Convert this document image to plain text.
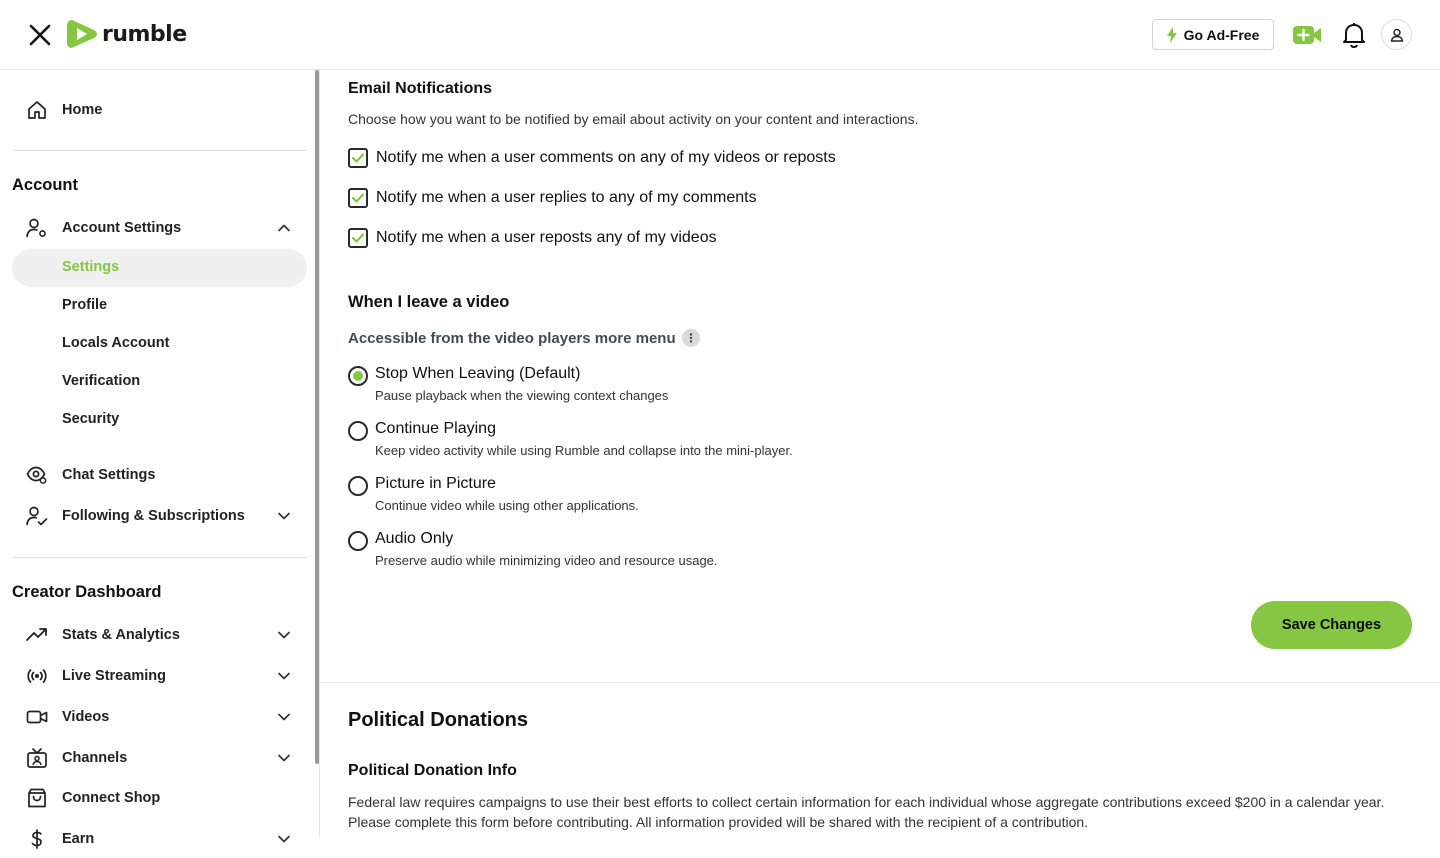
rumble	Go Ad-Free
Home
Account
Account Settings
Settings
Profile
Locals Account
Verification
Security
Chat Settings
Following & Subscriptions
Creator Dashboard
Stats & Analytics
Live Streaming
Videos
Channels
Connect Shop
Earn
Email Notifications
Choose how you want to be notified by email about activity on your content and interactions.
Notify me when a user comments on any of my videos or reposts
Notify me when a user replies to any of my comments
Notify me when a user reposts any of my videos
When I leave a video
Accessible from the video players more menu
Stop When Leaving (Default)
Pause playback when the viewing context changes
Continue Playing
Keep video activity while using Rumble and collapse into the mini-player.
Picture in Picture
Continue video while using other applications.
Audio Only
Preserve audio while minimizing video and resource usage.
Save Changes
Political Donations
Political Donation Info
Federal law requires campaigns to use their best efforts to collect certain information for each individual whose aggregate contributions exceed $200 in a calendar year. Please complete this form before contributing. All information provided will be shared with the recipient of a contribution.
